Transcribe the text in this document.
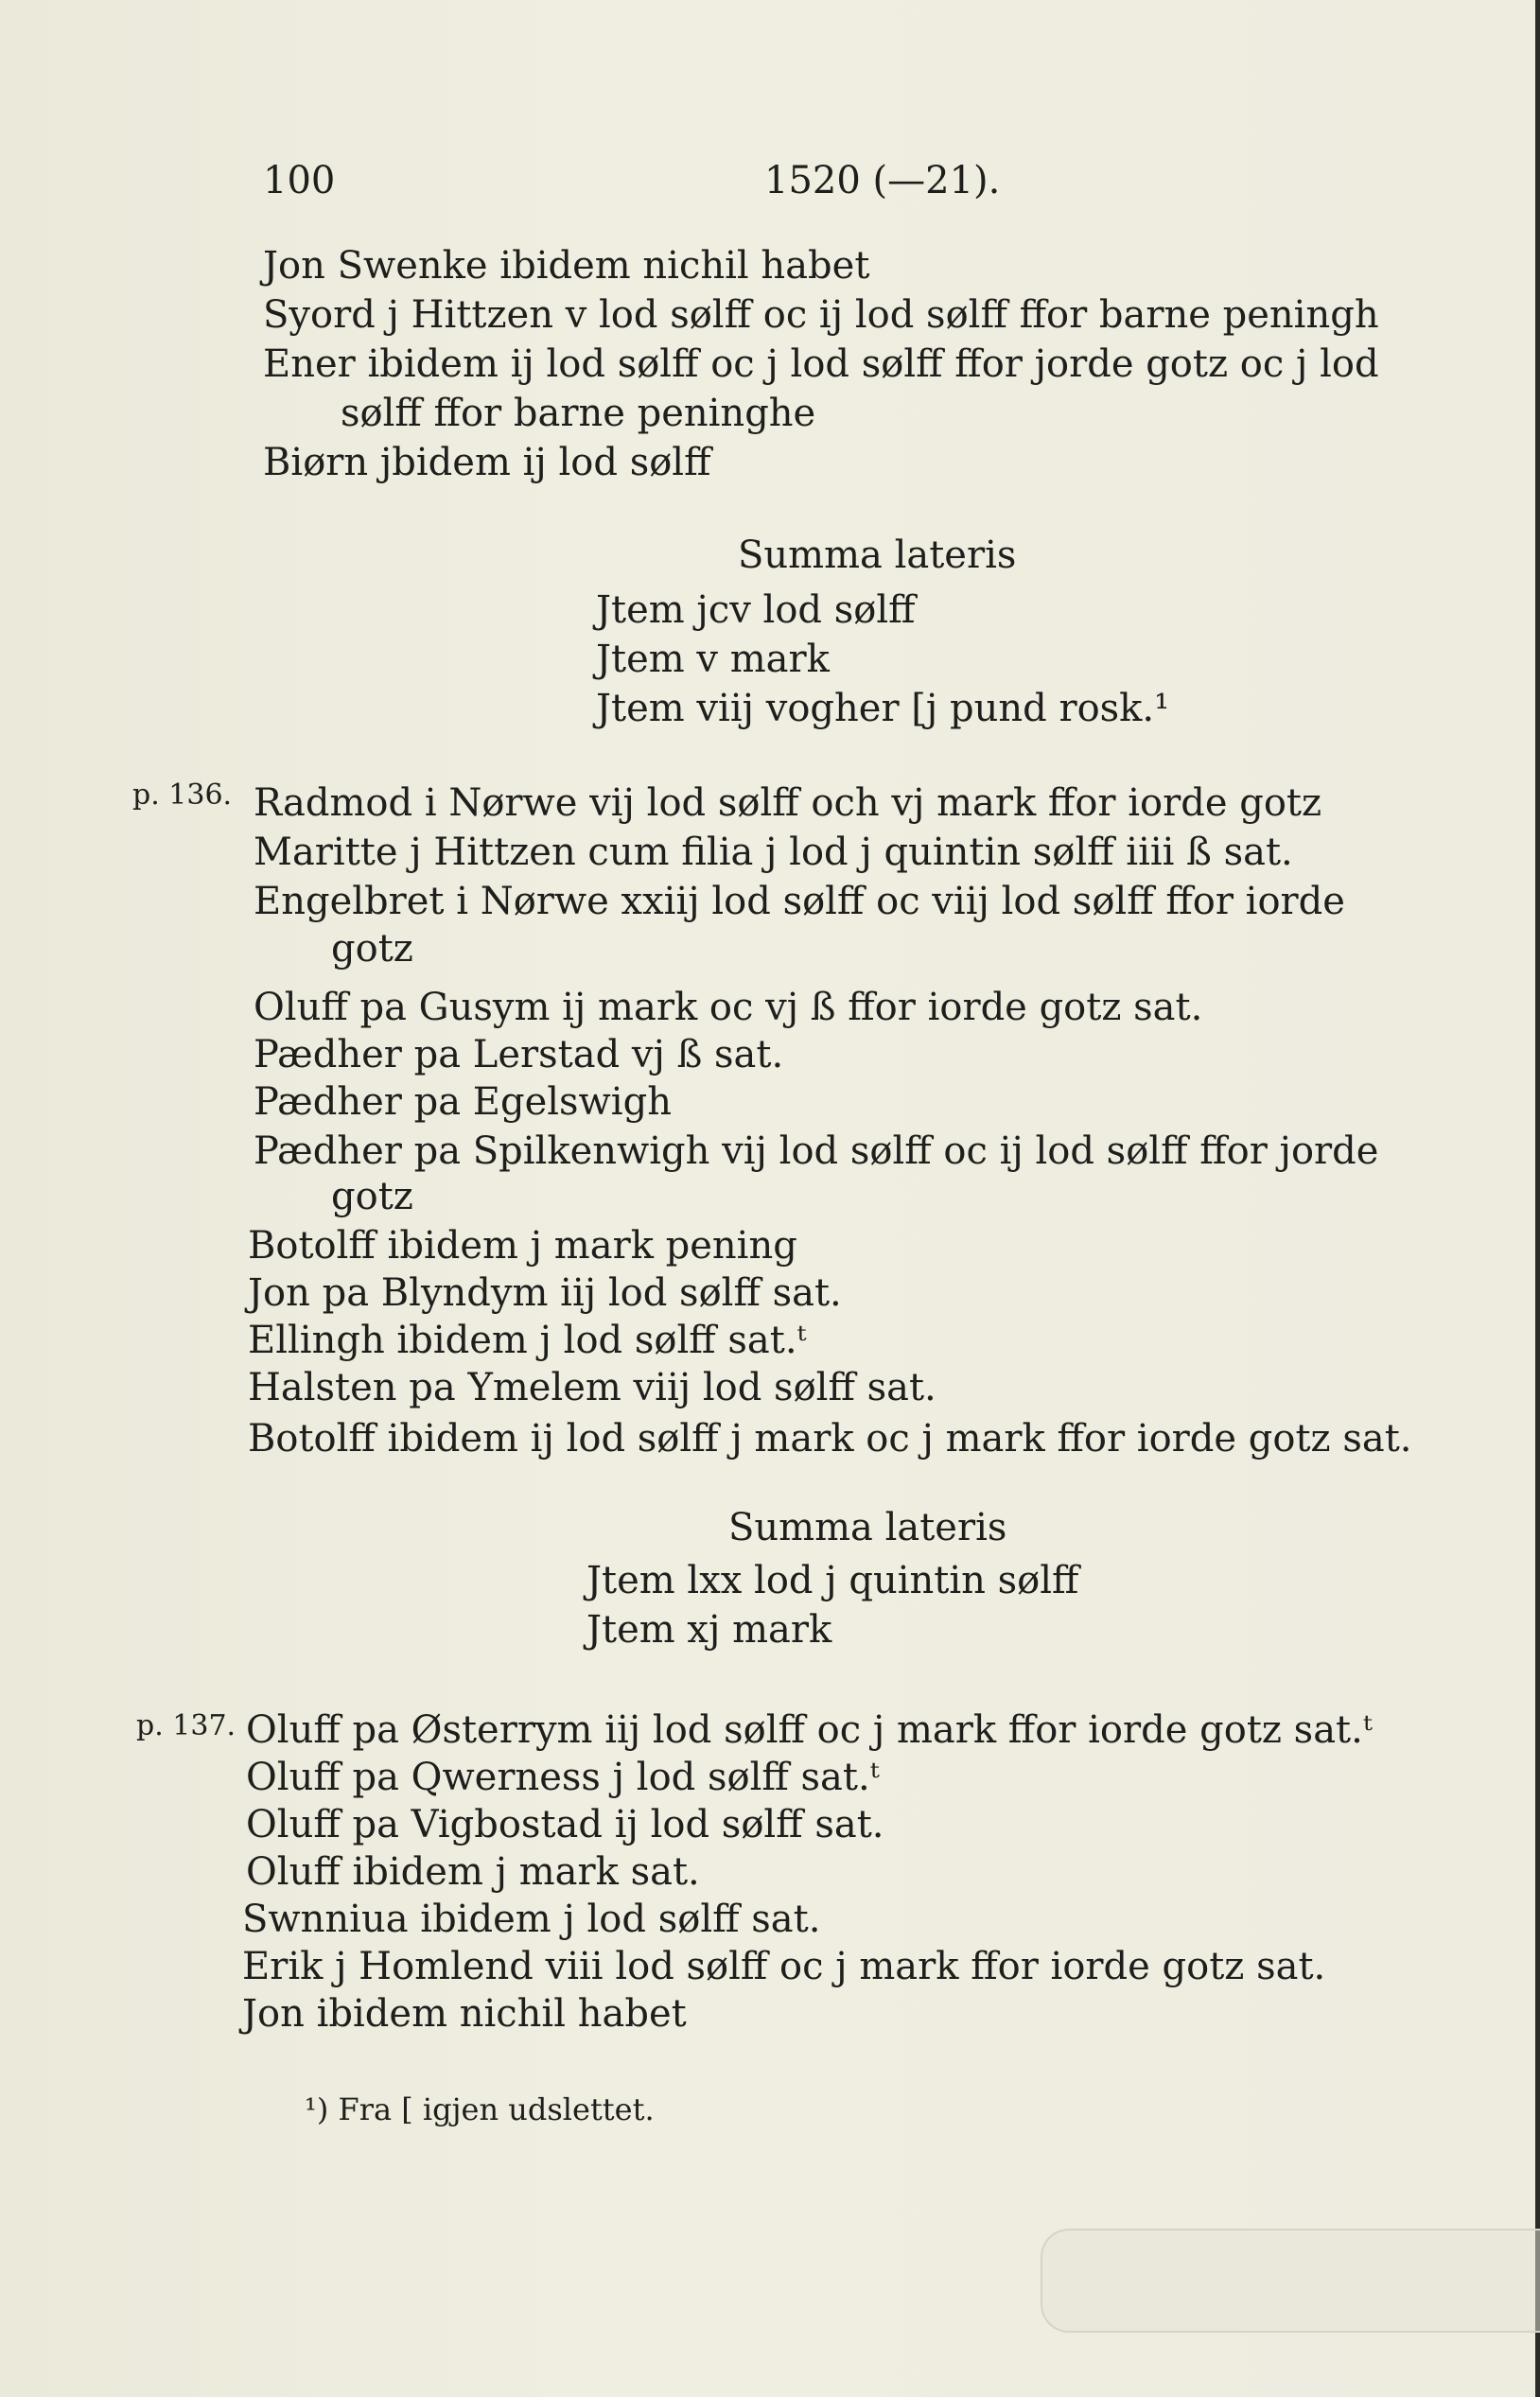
100	1520 (—21).

Jon Swenke ibidem nichil habet

Syord j Hittzen v lod sølff oc ij lod sølff ffor barne peningh

Ener ibidem ij lod sølff oc j lod sølff ffor jorde gotz oc j lod

sølff ffor barne peninghe

Biørn jbidem ij lod sølff

Summa lateris

Jtem jcv lod sølff

Jtem v mark

Jtem viij vogher [j pund rosk.¹

p. 136. Radmod i Nørwe vij lod sølff och vj mark ffor iorde gotz

Maritte j Hittzen cum filia j lod j quintin sølff iiii ß sat.

Engelbret i Nørwe xxiij lod sølff oc viij lod sølff ffor iorde

gotz

Oluff pa Gusym ij mark oc vj ß ffor iorde gotz sat.

Pædher pa Lerstad vj ß sat.

Pædher pa Egelswigh

Pædher pa Spilkenwigh vij lod sølff oc ij lod sølff ffor jorde

gotz

Botolff ibidem j mark pening

Jon pa Blyndym iij lod sølff sat.

Ellingh ibidem j lod sølff sat.ᵗ

Halsten pa Ymelem viij lod sølff sat.

Botolff ibidem ij lod sølff j mark oc j mark ffor iorde gotz sat.

Summa lateris

Jtem lxx lod j quintin sølff

Jtem xj mark

p. 137. Oluff pa Østerrym iij lod sølff oc j mark ffor iorde gotz sat.ᵗ

Oluff pa Qwerness j lod sølff sat.ᵗ

Oluff pa Vigbostad ij lod sølff sat.

Oluff ibidem j mark sat.

Swnniua ibidem j lod sølff sat.

Erik j Homlend viii lod sølff oc j mark ffor iorde gotz sat.

Jon ibidem nichil habet

¹) Fra [ igjen udslettet.
